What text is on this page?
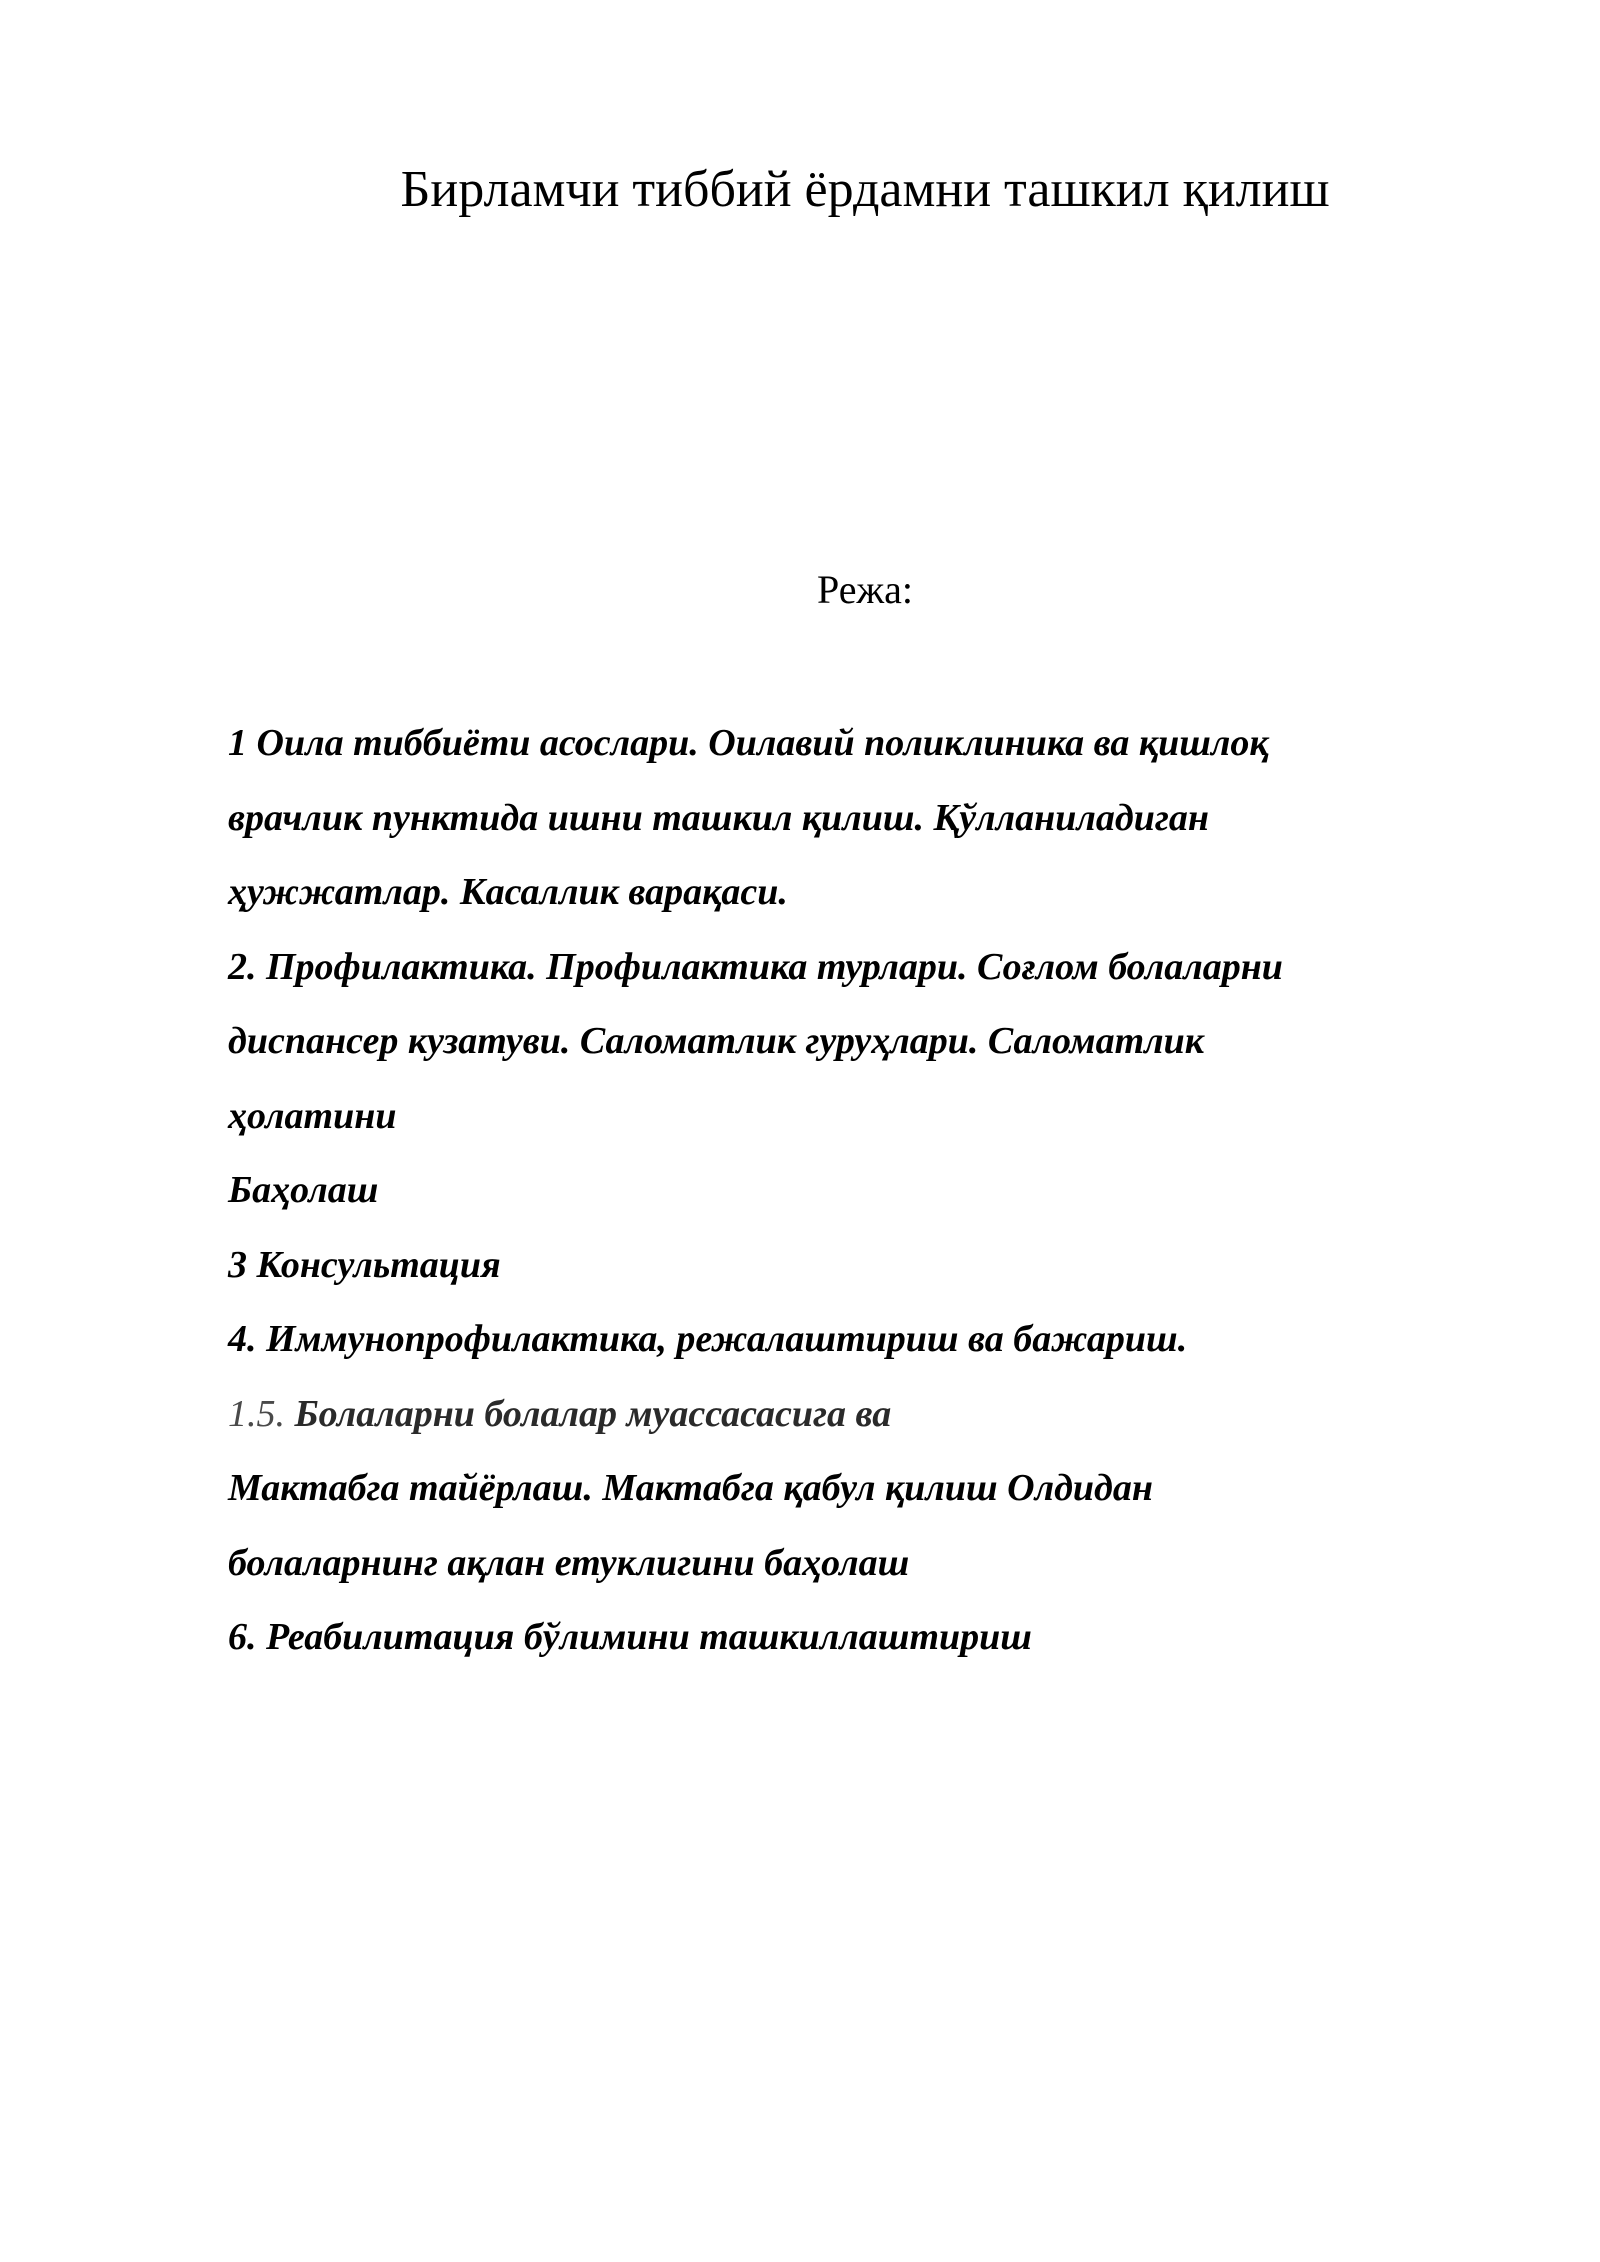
Бирламчи тиббий ёрдамни ташкил қилиш
Режа:
1 Оила тиббиёти асослари. Оилавий поликлиника ва қишлоқ
врачлик пунктида ишни ташкил қилиш. Қўлланиладиган
ҳужжатлар. Касаллик варақаси.
2. Профилактика. Профилактика турлари. Соғлом болаларни
диспансер кузатуви. Саломатлик гуруҳлари. Саломатлик
ҳолатини
Баҳолаш
3 Консультация
4. Иммунопрофилактика, режалаштириш ва бажариш.
1.5. Болаларни болалар муассасасига ва
Мактабга тайёрлаш. Мактабга қабул қилиш Олдидан
болаларнинг ақлан етуклигини баҳолаш
6. Реабилитация бўлимини ташкиллаштириш
